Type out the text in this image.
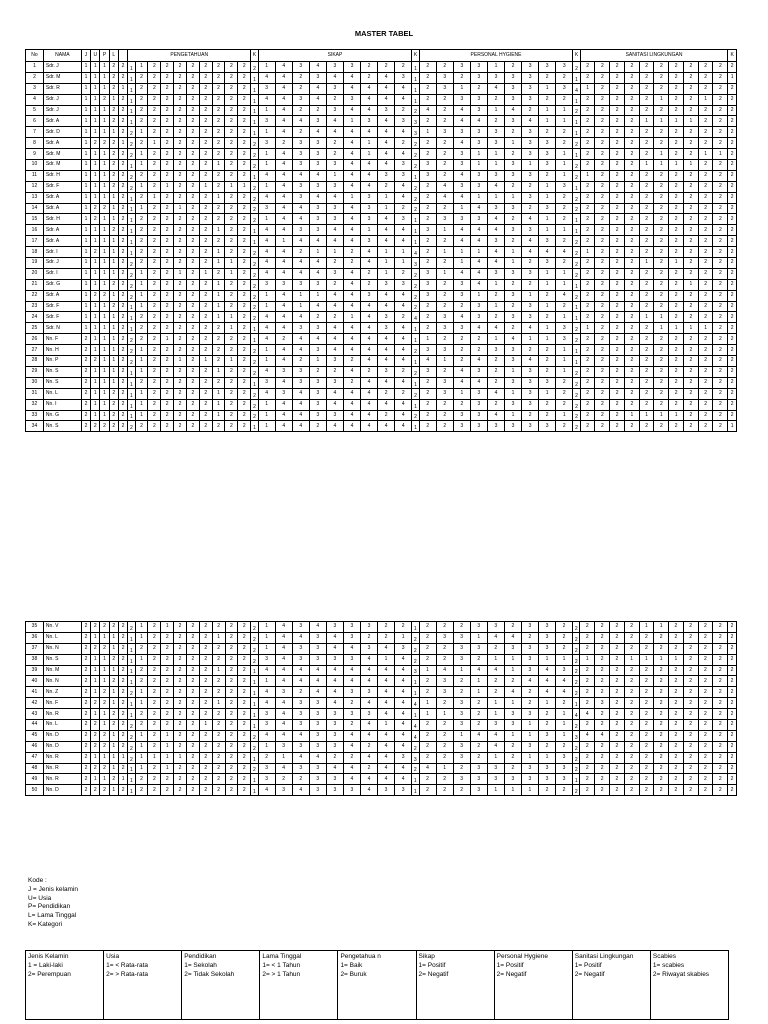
MASTER TABEL
No	NAMA	J	U	P	L		PENGETAHUAN										K	SIKAP									K	PERSONAL HYGIENE									K	SANITASI LINGKUNGAN										K
1	Sdr. J	1	1	1	2	2	1	1	2	2	2	2	2	2	2	2	2	1	4	3	4	3	3	2	2	2	1	2	2	3	3	1	2	3	3	3	2	2	2	2	2	2	2	2	2	2	2	2
2	Sdr. M	1	1	1	2	2	1	2	2	2	2	2	2	2	2	2	1	4	4	2	3	4	4	2	4	3	1	2	3	2	3	3	3	3	2	2	1	2	2	2	2	2	2	2	2	2	2	1
3	Sdr. R	1	1	1	2	1	1	2	2	2	2	2	2	2	2	2	1	3	4	2	4	3	4	4	4	4	1	2	3	1	2	4	3	3	1	3	4	1	2	2	2	2	2	2	2	2	2	2
4	Sdr. J	1	1	2	1	2	1	2	2	2	2	2	2	2	2	2	1	4	4	3	4	2	3	4	4	4	1	2	2	3	3	2	3	3	2	2	1	2	2	2	2	2	1	2	2	1	2	2
5	Sdr. J	1	1	1	2	2	1	2	2	2	2	2	2	2	2	2	1	1	4	2	2	3	4	4	3	2	2	4	2	4	3	1	4	2	1	1	2	2	2	2	2	2	2	2	2	2	2	2
6	Sdr. A	1	1	1	2	2	1	2	2	2	2	2	2	2	2	2	1	3	4	4	3	4	1	3	4	3	3	2	2	4	4	2	3	4	1	1	1	2	2	2	2	1	1	1	1	2	2	2
7	Sdr. D	1	1	1	1	2	2	1	2	2	2	2	2	2	2	2	1	1	4	2	4	4	4	4	4	4	3	1	3	3	3	3	2	3	2	2	1	2	2	2	2	2	2	2	2	2	2	2
8	Sdr. A	1	2	2	2	1	2	2	1	2	2	2	2	2	2	2	2	3	2	3	3	2	4	1	4	2	2	2	2	4	3	3	1	3	3	2	2	2	2	2	2	2	2	2	2	2	2	2
9	Sdr. M	1	1	1	2	2	2	1	2	2	2	2	2	2	2	2	2	1	4	3	3	2	4	1	4	4	2	2	2	3	1	1	2	3	3	1	1	2	2	2	2	2	1	2	2	1	1	2
10	Sdr. M	1	1	1	2	2	1	1	2	2	2	2	2	1	2	2	2	1	4	3	3	3	4	4	4	3	2	3	2	3	1	1	3	1	3	1	2	2	2	2	2	1	1	1	1	2	2	2
11	Sdr. H	1	1	1	2	2	2	2	2	2	2	2	2	2	2	2	1	4	4	4	4	1	4	4	3	3	1	3	2	4	3	3	3	3	2	1	2	1	2	2	2	2	2	2	2	2	2	2
12	Sdr. F	1	1	1	2	2	2	1	2	1	2	2	1	2	1	1	2	1	4	3	3	3	4	4	2	4	2	2	4	3	3	4	2	2	1	3	1	2	2	2	2	2	2	2	2	2	2	2
13	Sdr. A	1	1	1	1	2	1	2	1	2	2	2	2	1	2	2	2	4	4	3	4	4	1	3	1	4	2	2	4	4	1	1	1	3	1	2	2	2	2	2	2	2	2	2	2	2	2	2
14	Sdr. A	1	2	2	1	2	1	1	2	2	1	2	2	2	2	2	2	3	4	4	3	3	4	3	1	2	2	2	2	1	4	3	3	2	3	2	2	2	2	2	2	2	2	2	2	2	2	2
15	Sdr. H	1	2	1	1	2	1	2	2	2	2	2	2	2	2	2	2	1	4	4	3	3	4	3	4	3	1	2	3	3	3	4	2	4	1	2	1	2	2	2	2	2	2	2	2	2	2	2
16	Sdr. A	1	1	1	2	2	1	2	2	2	2	2	2	1	2	2	1	4	4	3	3	4	4	1	4	4	1	3	1	4	4	4	3	3	1	1	1	2	2	2	2	2	2	2	2	2	2	2
17	Sdr. A	1	1	1	1	2	1	2	2	2	2	2	2	2	2	2	1	4	1	4	4	4	4	3	4	4	1	2	2	4	4	3	2	4	3	2	2	2	2	2	2	2	2	2	2	2	2	2
18	Sdr. I	1	2	1	1	2	1	2	2	2	2	2	2	1	2	2	2	4	4	2	1	1	2	4	1	1	4	2	1	1	1	4	1	4	4	4	2	1	2	2	2	2	2	2	2	2	2	2
19	Sdr. J	1	1	1	1	2	2	2	2	2	2	2	2	1	1	2	2	4	4	4	4	2	2	4	1	1	3	2	2	1	4	4	1	2	3	2	2	2	2	2	2	1	2	1	2	2	2	2
20	Sdr. I	1	1	1	1	2	2	1	2	2	1	2	1	2	1	2	2	4	4	4	4	3	4	2	1	2	2	3	1	4	4	3	3	3	1	1	2	2	2	2	2	2	2	2	2	2	2	2
21	Sdr. G	1	1	1	2	2	2	1	2	2	2	2	2	1	2	2	2	3	3	3	3	2	4	2	3	3	2	3	2	3	4	1	2	2	1	1	1	2	2	2	2	2	2	2	1	2	2	2
22	Sdr. A	1	2	2	1	2	2	1	2	2	2	2	2	1	2	2	2	1	4	1	1	4	4	3	4	4	2	3	2	3	1	2	3	1	2	4	2	2	2	2	2	2	2	2	2	2	2	2
23	Sdr. F	1	1	1	2	2	1	1	2	2	2	2	2	1	2	2	2	1	4	1	4	4	4	4	4	4	2	2	2	2	3	1	2	3	1	2	1	2	2	2	2	2	2	2	2	2	2	2
24	Sdr. F	1	1	1	1	2	1	2	2	2	2	2	2	1	1	2	2	4	4	4	2	2	1	4	3	2	4	2	3	4	3	2	3	3	2	1	1	2	2	2	2	1	1	2	2	2	2	2
25	Sdr. N	1	1	1	1	2	1	2	2	2	2	2	2	2	1	2	1	4	4	3	3	4	4	4	3	4	1	2	3	3	4	4	2	4	1	3	2	1	2	2	2	2	1	1	1	1	2	2
26	Nn. F	2	1	1	1	2	2	2	2	1	2	2	2	2	2	2	1	4	2	4	4	4	4	4	4	4	1	1	2	2	2	1	4	1	1	3	2	2	2	2	2	2	2	2	2	2	2	2
27	Nn. H	2	1	1	1	2	2	1	2	2	2	2	2	2	2	2	2	1	4	4	3	4	4	4	4	4	2	3	3	2	2	3	3	2	2	1	1	2	2	2	2	2	2	2	2	2	2	2
28	Nn. P	2	2	1	1	2	2	1	2	2	1	2	1	2	1	2	2	1	4	2	1	3	2	4	4	4	1	4	1	2	4	2	3	4	2	1	1	2	2	2	2	2	2	2	2	2	2	2
29	Nn. S	2	1	1	1	2	1	1	2	2	2	2	2	1	2	2	2	4	3	3	2	2	4	2	3	2	2	3	2	4	3	2	1	3	2	1	2	2	2	2	2	2	2	2	2	2	2	2
30	Nn. S	2	1	1	1	2	1	2	2	2	2	2	2	2	2	2	1	3	4	3	3	3	2	4	4	4	1	2	3	4	4	2	3	3	3	2	2	2	2	2	2	2	2	2	2	2	2	2
31	Nn. L	2	1	1	2	2	1	1	2	2	2	2	2	1	2	2	2	4	3	4	3	4	4	4	2	2	2	2	3	1	3	4	1	3	1	2	2	2	2	2	2	2	2	2	2	2	2	2
32	Nn. I	2	1	1	2	2	1	1	2	2	2	2	2	1	2	2	2	1	4	4	3	4	4	4	4	4	1	2	2	2	3	2	3	3	2	2	2	2	2	2	2	2	2	2	2	2	2	2
33	Nn. G	2	1	1	2	2	1	1	2	2	2	2	2	1	2	2	2	1	4	4	3	3	4	4	2	4	2	2	2	3	3	4	1	2	2	1	2	2	2	2	1	1	1	1	2	2	2	2
34	Nn. S	2	2	2	2	2	2	2	2	2	2	2	2	2	2	2	1	1	4	4	2	4	4	4	4	4	1	2	2	3	3	3	3	3	3	2	2	2	2	2	2	2	2	2	2	2	2	1
35	Nn. V	2	2	2	2	2	2	1	2	1	2	2	2	2	2	2	2	1	4	3	4	3	3	3	2	2	1	2	2	2	3	3	2	3	3	2	2	2	2	2	2	1	1	2	2	2	2	2
36	Nn. L	2	1	1	1	2	1	1	2	2	2	2	2	1	2	2	2	1	4	4	3	4	3	2	2	1	2	2	3	3	1	4	4	2	3	2	2	2	2	2	2	2	2	2	2	2	2	2
37	Nn. N	2	2	2	1	2	1	2	2	2	2	2	2	2	2	2	2	1	4	3	3	4	4	3	4	3	2	2	2	3	3	2	3	3	3	2	2	2	2	2	2	2	2	2	2	2	2	2
38	Nn. S	2	1	1	2	2	1	1	2	2	2	2	2	2	2	2	2	3	4	3	3	3	3	4	1	4	2	2	2	3	2	1	1	3	1	1	2	1	2	2	1	1	1	1	2	2	2	2
39	Nn. M	2	1	1	1	2	1	2	2	2	2	2	2	1	2	2	1	4	4	4	4	4	4	4	4	4	3	1	4	1	4	4	1	3	4	3	2	2	2	2	2	2	2	2	2	2	2	2
40	Nn. N	2	1	1	2	2	1	2	2	2	2	2	2	2	2	2	1	1	4	4	4	4	4	4	4	4	1	2	3	2	1	2	2	4	4	4	2	2	2	2	2	2	2	2	2	2	2	2
41	Nn. Z	2	1	2	1	2	2	1	2	2	2	2	2	2	2	2	1	4	3	2	4	4	3	3	4	4	1	2	3	2	1	2	4	2	4	4	2	2	2	2	2	2	2	2	2	2	2	2
42	Nn. F	2	2	2	1	2	1	1	2	2	2	2	2	1	2	2	1	4	4	3	3	4	2	4	4	4	4	1	2	3	2	1	1	2	1	2	1	2	3	2	2	2	2	2	2	2	2	2
43	Nn. R	2	1	1	2	2	1	2	2	2	2	2	2	2	2	2	1	3	4	3	3	3	3	3	4	4	1	1	1	3	2	1	3	3	2	1	4	4	2	2	2	2	2	2	2	2	2	2
44	Nn. L	2	2	1	2	2	2	2	2	2	2	2	1	2	2	2	1	3	4	3	3	3	2	4	1	4	4	2	2	3	2	3	3	1	2	1	2	2	2	2	2	2	2	2	2	2	2	2
45	Nn. D	2	2	2	1	2	2	1	2	1	2	2	2	2	2	2	2	4	4	4	3	3	4	4	4	4	4	2	2	1	4	4	1	1	3	1	3	4	4	2	2	2	2	2	2	2	2	2
46	Nn. D	2	2	2	1	2	2	1	2	1	2	2	2	2	2	2	2	1	3	3	3	3	4	2	4	4	2	2	2	3	2	4	2	3	2	2	2	2	2	2	2	2	2	2	2	2	2	2
47	Nn. R	2	1	1	1	1	2	1	1	1	1	2	2	2	2	2	1	2	1	4	4	2	2	4	4	3	3	2	2	3	2	1	2	1	1	3	2	2	2	2	2	2	2	2	2	2	2	2
48	Nn. R	2	2	2	1	2	1	1	2	1	2	2	2	2	2	2	2	3	4	3	3	4	4	2	4	4	2	4	1	2	3	3	2	3	3	3	2	2	2	2	2	2	2	2	2	2	2	2
49	Nn. R	2	1	1	2	1	1	2	2	2	2	2	2	2	2	2	1	3	2	2	3	3	4	4	4	4	1	2	2	3	3	3	3	3	3	3	1	2	2	2	2	2	2	2	2	2	2	2
50	Nn. D	2	2	2	1	2	1	2	2	2	2	2	2	2	2	2	1	4	3	4	3	3	3	4	3	3	1	2	2	2	3	1	1	1	2	2	2	2	2	2	2	2	2	2	2	2	2	2
Kode :
J = Jenis kelamin
U= Usia
P= Pendidikan
L= Lama Tinggal
K= Kategori
Jenis Kelamin
1 = Laki-laki
2= Perempuan

Usia
1= < Rata-rata
2= > Rata-rata

Pendidikan
1= Sekolah
2= Tidak Sekolah

Lama Tinggal
1= < 1 Tahun
2= > 1 Tahun

Pengetahua n
1= Baik
2= Buruk

Sikap
1= Positif
2= Negatif

Personal Hygiene
1= Positif
2= Negatif

Sanitasi Lingkungan
1= Positif
2= Negatif

Scabies
1= scabies
2= Riwayat skabies
